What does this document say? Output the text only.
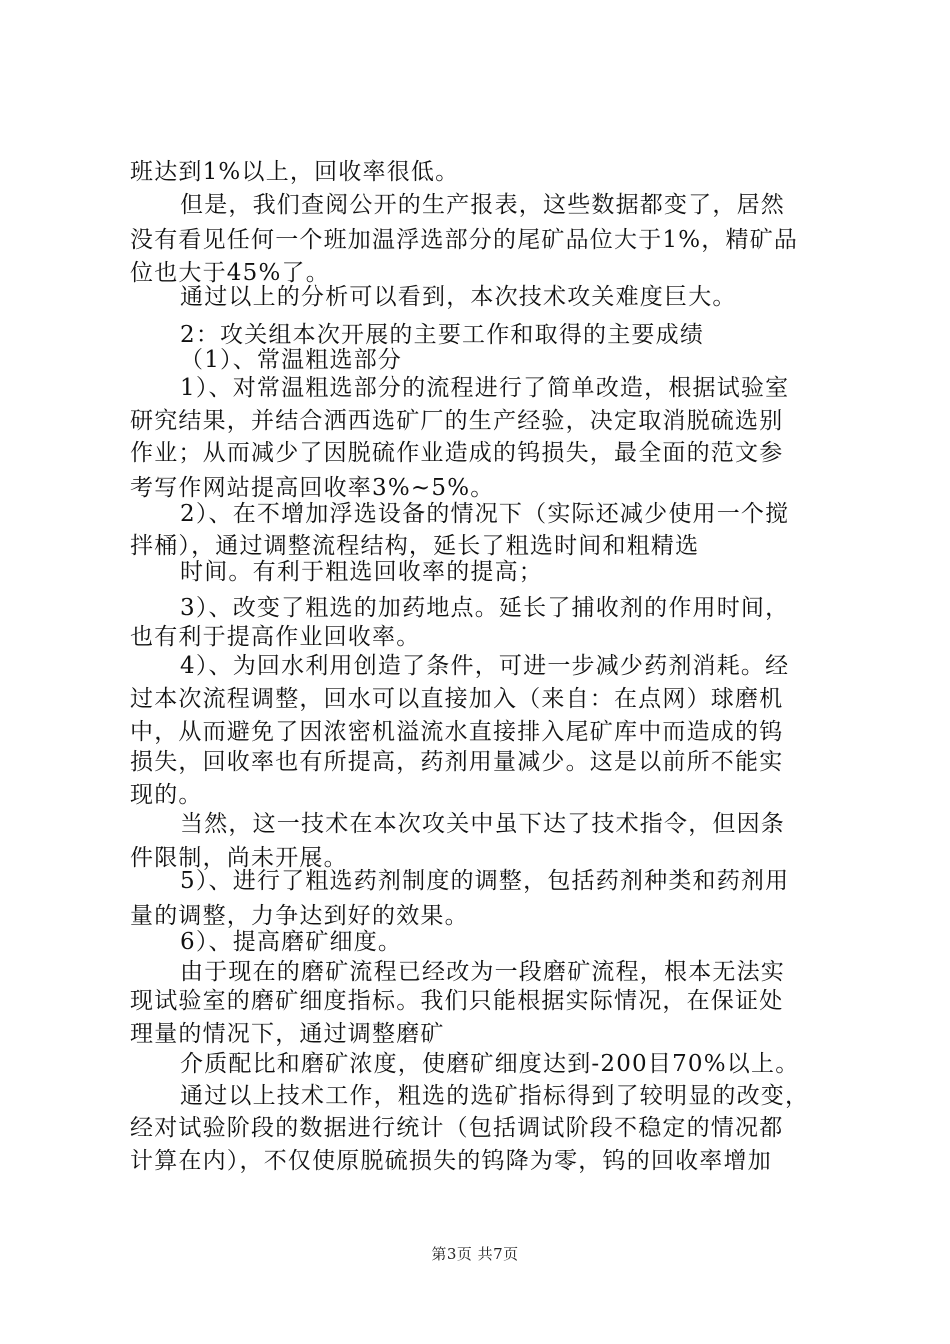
班达到1%以上，回收率很低。
但是，我们查阅公开的生产报表，这些数据都变了，居然
没有看见任何一个班加温浮选部分的尾矿品位大于1%，精矿品
位也大于45%了。
通过以上的分析可以看到，本次技术攻关难度巨大。
2：攻关组本次开展的主要工作和取得的主要成绩
（1）、常温粗选部分
1）、对常温粗选部分的流程进行了简单改造，根据试验室
研究结果，并结合洒西选矿厂的生产经验，决定取消脱硫选别
作业；从而减少了因脱硫作业造成的钨损失，最全面的范文参
考写作网站提高回收率3%~5%。
2）、在不增加浮选设备的情况下（实际还减少使用一个搅
拌桶），通过调整流程结构，延长了粗选时间和粗精选
时间。有利于粗选回收率的提高；
3）、改变了粗选的加药地点。延长了捕收剂的作用时间，
也有利于提高作业回收率。
4）、为回水利用创造了条件，可进一步减少药剂消耗。经
过本次流程调整，回水可以直接加入（来自：在点网）球磨机
中，从而避免了因浓密机溢流水直接排入尾矿库中而造成的钨
损失，回收率也有所提高，药剂用量减少。这是以前所不能实
现的。
当然，这一技术在本次攻关中虽下达了技术指令，但因条
件限制，尚未开展。
5）、进行了粗选药剂制度的调整，包括药剂种类和药剂用
量的调整，力争达到好的效果。
6）、提高磨矿细度。
由于现在的磨矿流程已经改为一段磨矿流程，根本无法实
现试验室的磨矿细度指标。我们只能根据实际情况，在保证处
理量的情况下，通过调整磨矿
介质配比和磨矿浓度，使磨矿细度达到-200目70%以上。
通过以上技术工作，粗选的选矿指标得到了较明显的改变，
经对试验阶段的数据进行统计（包括调试阶段不稳定的情况都
计算在内），不仅使原脱硫损失的钨降为零，钨的回收率增加
第3页 共7页
